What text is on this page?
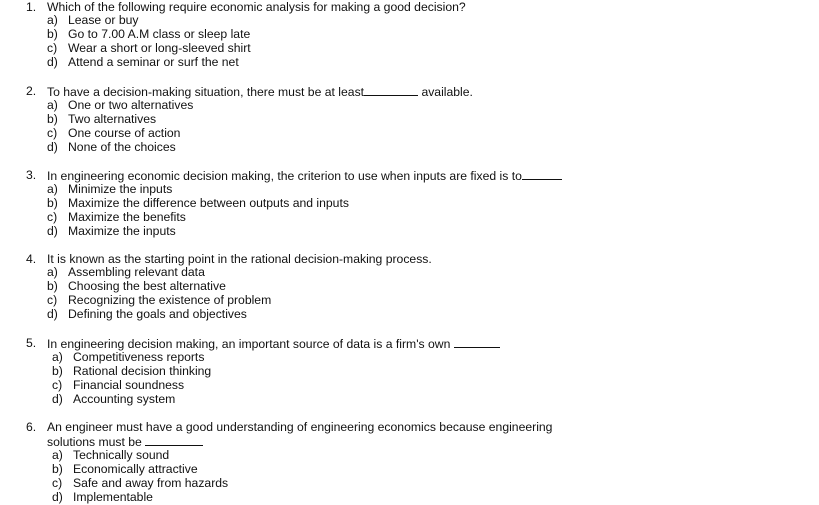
1. Which of the following require economic analysis for making a good decision?
a) Lease or buy
b) Go to 7.00 A.M class or sleep late
c) Wear a short or long-sleeved shirt
d) Attend a seminar or surf the net
2. To have a decision-making situation, there must be at least	available.
a) One or two alternatives
b) Two alternatives
c) One course of action
d) None of the choices
3. In engineering economic decision making, the criterion to use when inputs are fixed is to
a) Minimize the inputs
b) Maximize the difference between outputs and inputs
c) Maximize the benefits
d) Maximize the inputs
4. It is known as the starting point in the rational decision-making process.
a) Assembling relevant data
b) Choosing the best alternative
c) Recognizing the existence of problem
d) Defining the goals and objectives
5. In engineering decision making, an important source of data is a firm's own
a) Competitiveness reports
b) Rational decision thinking
c) Financial soundness
d) Accounting system
6. An engineer must have a good understanding of engineering economics because engineering
solutions must be
a) Technically sound
b) Economically attractive
c) Safe and away from hazards
d) Implementable
